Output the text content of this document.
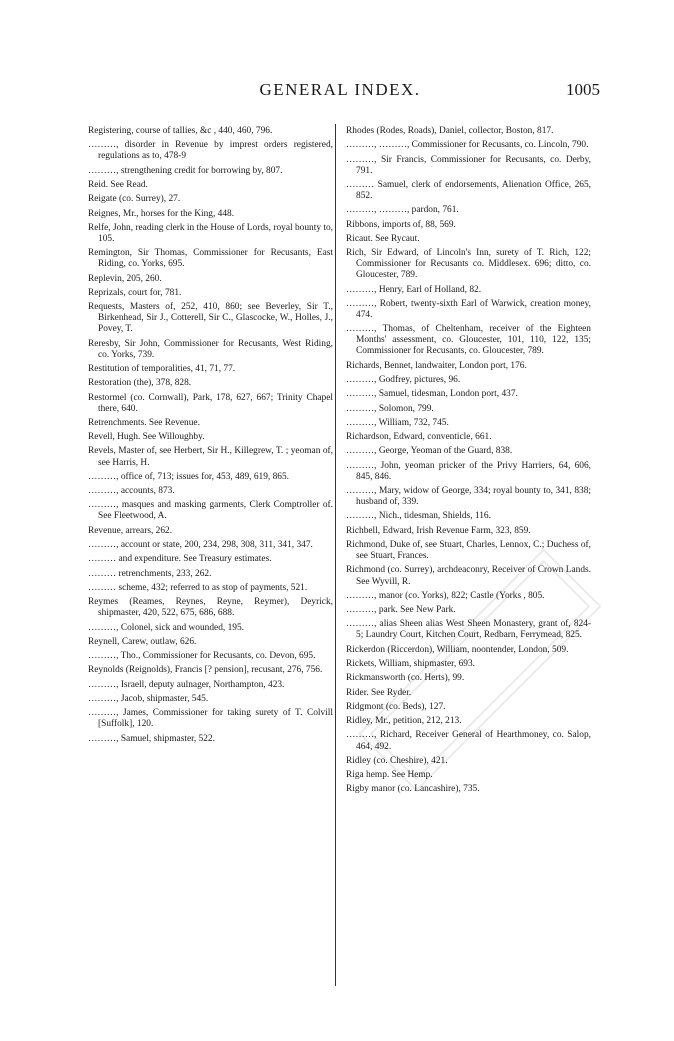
GENERAL INDEX.	1005
Registering, course of tallies, &c , 440, 460, 796.
………, disorder in Revenue by imprest orders registered, regulations as to, 478-9
………, strengthening credit for borrowing by, 807.
Reid. See Read.
Reigate (co. Surrey), 27.
Reignes, Mr., horses for the King, 448.
Relfe, John, reading clerk in the House of Lords, royal bounty to, 105.
Remington, Sir Thomas, Commissioner for Recusants, East Riding, co. Yorks, 695.
Replevin, 205, 260.
Reprizals, court for, 781.
Requests, Masters of, 252, 410, 860; see Beverley, Sir T., Birkenhead, Sir J., Cotterell, Sir C., Glascocke, W., Holles, J., Povey, T.
Reresby, Sir John, Commissioner for Recusants, West Riding, co. Yorks, 739.
Restitution of temporalities, 41, 71, 77.
Restoration (the), 378, 828.
Restormel (co. Cornwall), Park, 178, 627, 667; Trinity Chapel there, 640.
Retrenchments. See Revenue.
Revell, Hugh. See Willoughby.
Revels, Master of, see Herbert, Sir H., Killegrew, T. ; yeoman of, see Harris, H.
………, office of, 713; issues for, 453, 489, 619, 865.
………, accounts, 873.
………, masques and masking garments, Clerk Comptroller of. See Fleetwood, A.
Revenue, arrears, 262.
………, account or state, 200, 234, 298, 308, 311, 341, 347.
……… and expenditure. See Treasury estimates.
……… retrenchments, 233, 262.
……… scheme, 432; referred to as stop of payments, 521.
Reymes (Reames, Reynes, Reyne, Reymer), Deyrick, shipmaster, 420, 522, 675, 686, 688.
………, Colonel, sick and wounded, 195.
Reynell, Carew, outlaw, 626.
………, Tho., Commissioner for Recusants, co. Devon, 695.
Reynolds (Reignolds), Francis [? pension], recusant, 276, 756.
………, Israell, deputy aulnager, Northampton, 423.
………, Jacob, shipmaster, 545.
………, James, Commissioner for taking surety of T. Colvill [Suffolk], 120.
………, Samuel, shipmaster, 522.
Rhodes (Rodes, Roads), Daniel, collector, Boston, 817.
………, ………, Commissioner for Recusants, co. Lincoln, 790.
………, Sir Francis, Commissioner for Recusants, co. Derby, 791.
……… Samuel, clerk of endorsements, Alienation Office, 265, 852.
………, ………, pardon, 761.
Ribbons, imports of, 88, 569.
Ricaut. See Rycaut.
Rich, Sir Edward, of Lincoln's Inn, surety of T. Rich, 122; Commissioner for Recusants co. Middlesex. 696; ditto, co. Gloucester, 789.
………, Henry, Earl of Holland, 82.
………, Robert, twenty-sixth Earl of Warwick, creation money, 474.
………, Thomas, of Cheltenham, receiver of the Eighteen Months' assessment, co. Gloucester, 101, 110, 122, 135; Commissioner for Recusants, co. Gloucester, 789.
Richards, Bennet, landwaiter, London port, 176.
………, Godfrey, pictures, 96.
………, Samuel, tidesman, London port, 437.
………, Solomon, 799.
………, William, 732, 745.
Richardson, Edward, conventicle, 661.
………, George, Yeoman of the Guard, 838.
………, John, yeoman pricker of the Privy Harriers, 64, 606, 845, 846.
………, Mary, widow of George, 334; royal bounty to, 341, 838; husband of, 339.
………, Nich., tidesman, Shields, 116.
Richbell, Edward, Irish Revenue Farm, 323, 859.
Richmond, Duke of, see Stuart, Charles, Lennox, C.; Duchess of, see Stuart, Frances.
Richmond (co. Surrey), archdeaconry, Receiver of Crown Lands. See Wyvill, R.
………, manor (co. Yorks), 822; Castle (Yorks , 805.
………, park. See New Park.
………, alias Sheen alias West Sheen Monastery, grant of, 824-5; Laundry Court, Kitchen Court, Redbarn, Ferrymead, 825.
Rickerdon (Riccerdon), William, noontender, London, 509.
Rickets, William, shipmaster, 693.
Rickmansworth (co. Herts), 99.
Rider. See Ryder.
Ridgmont (co. Beds), 127.
Ridley, Mr., petition, 212, 213.
………, Richard, Receiver General of Hearthmoney, co. Salop, 464, 492.
Ridley (co. Cheshire), 421.
Riga hemp. See Hemp.
Rigby manor (co. Lancashire), 735.
